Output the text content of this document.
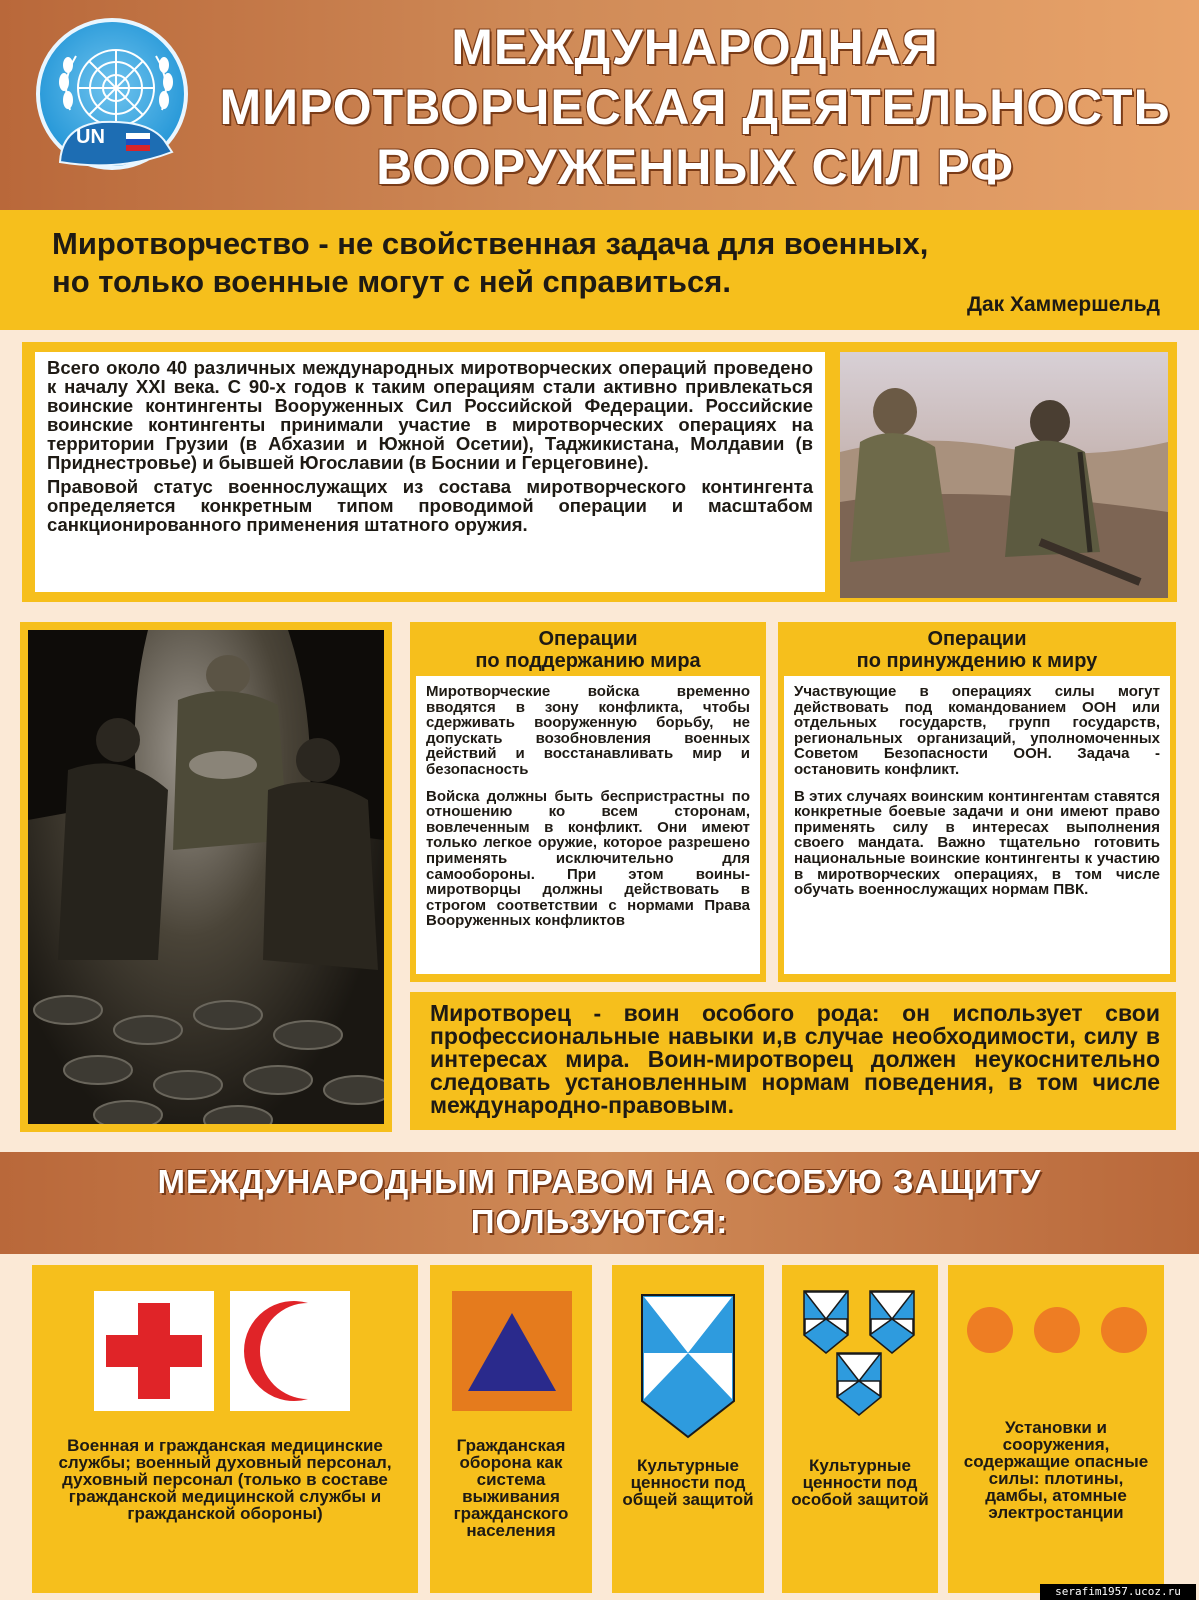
UN
МЕЖДУНАРОДНАЯ
МИРОТВОРЧЕСКАЯ ДЕЯТЕЛЬНОСТЬ
ВООРУЖЕННЫХ СИЛ РФ
Миротворчество - не свойственная задача для военных,
но только военные могут с ней справиться.
Дак Хаммершельд

Всего около 40 различных международных миротворческих операций проведено к началу XXI века. С 90-х годов к таким операциям стали активно привлекаться воинские контингенты Вооруженных Сил Российской Федерации. Российские воинские контингенты принимали участие в миротворческих операциях на территории Грузии (в Абхазии и Южной Осетии), Таджикистана, Молдавии (в Приднестровье) и бывшей Югославии (в Боснии и Герцеговине).

Правовой статус военнослужащих из состава миротворческого контингента определяется конкретным типом проводимой операции и масштабом санкционированного применения штатного оружия.

Операции
по поддержанию мира

Миротворческие войска временно вводятся в зону конфликта, чтобы сдерживать вооруженную борьбу, не допускать возобновления военных действий и восстанавливать мир и безопасность

Войска должны быть беспристрастны по отношению ко всем сторонам, вовлеченным в конфликт. Они имеют только легкое оружие, которое разрешено применять исключительно для самообороны. При этом воины-миротворцы должны действовать в строгом соответствии с нормами Права Вооруженных конфликтов

Операции
по принуждению к миру

Участвующие в операциях силы могут действовать под командованием ООН или отдельных государств, групп государств, региональных организаций, уполномоченных Советом Безопасности ООН. Задача - остановить конфликт.

В этих случаях воинским контингентам ставятся конкретные боевые задачи и они имеют право применять силу в интересах выполнения своего мандата. Важно тщательно готовить национальные воинские контингенты к участию в миротворческих операциях, в том числе обучать военнослужащих нормам ПВК.

Миротворец - воин особого рода: он использует свои профессиональные навыки и,в случае необходимости, силу в интересах мира. Воин-миротворец должен неукоснительно следовать установленным нормам поведения, в том числе международно-правовым.
МЕЖДУНАРОДНЫМ ПРАВОМ НА ОСОБУЮ ЗАЩИТУ
ПОЛЬЗУЮТСЯ:
Военная и гражданская медицинские службы; военный духовный персонал, духовный персонал (только в составе гражданской медицинской службы и гражданской обороны)
Гражданская оборона как система выживания гражданского населения
Культурные ценности под общей защитой
Культурные ценности под особой защитой
Установки и сооружения, содержащие опасные силы: плотины, дамбы, атомные электростанции
serafim1957.ucoz.ru
